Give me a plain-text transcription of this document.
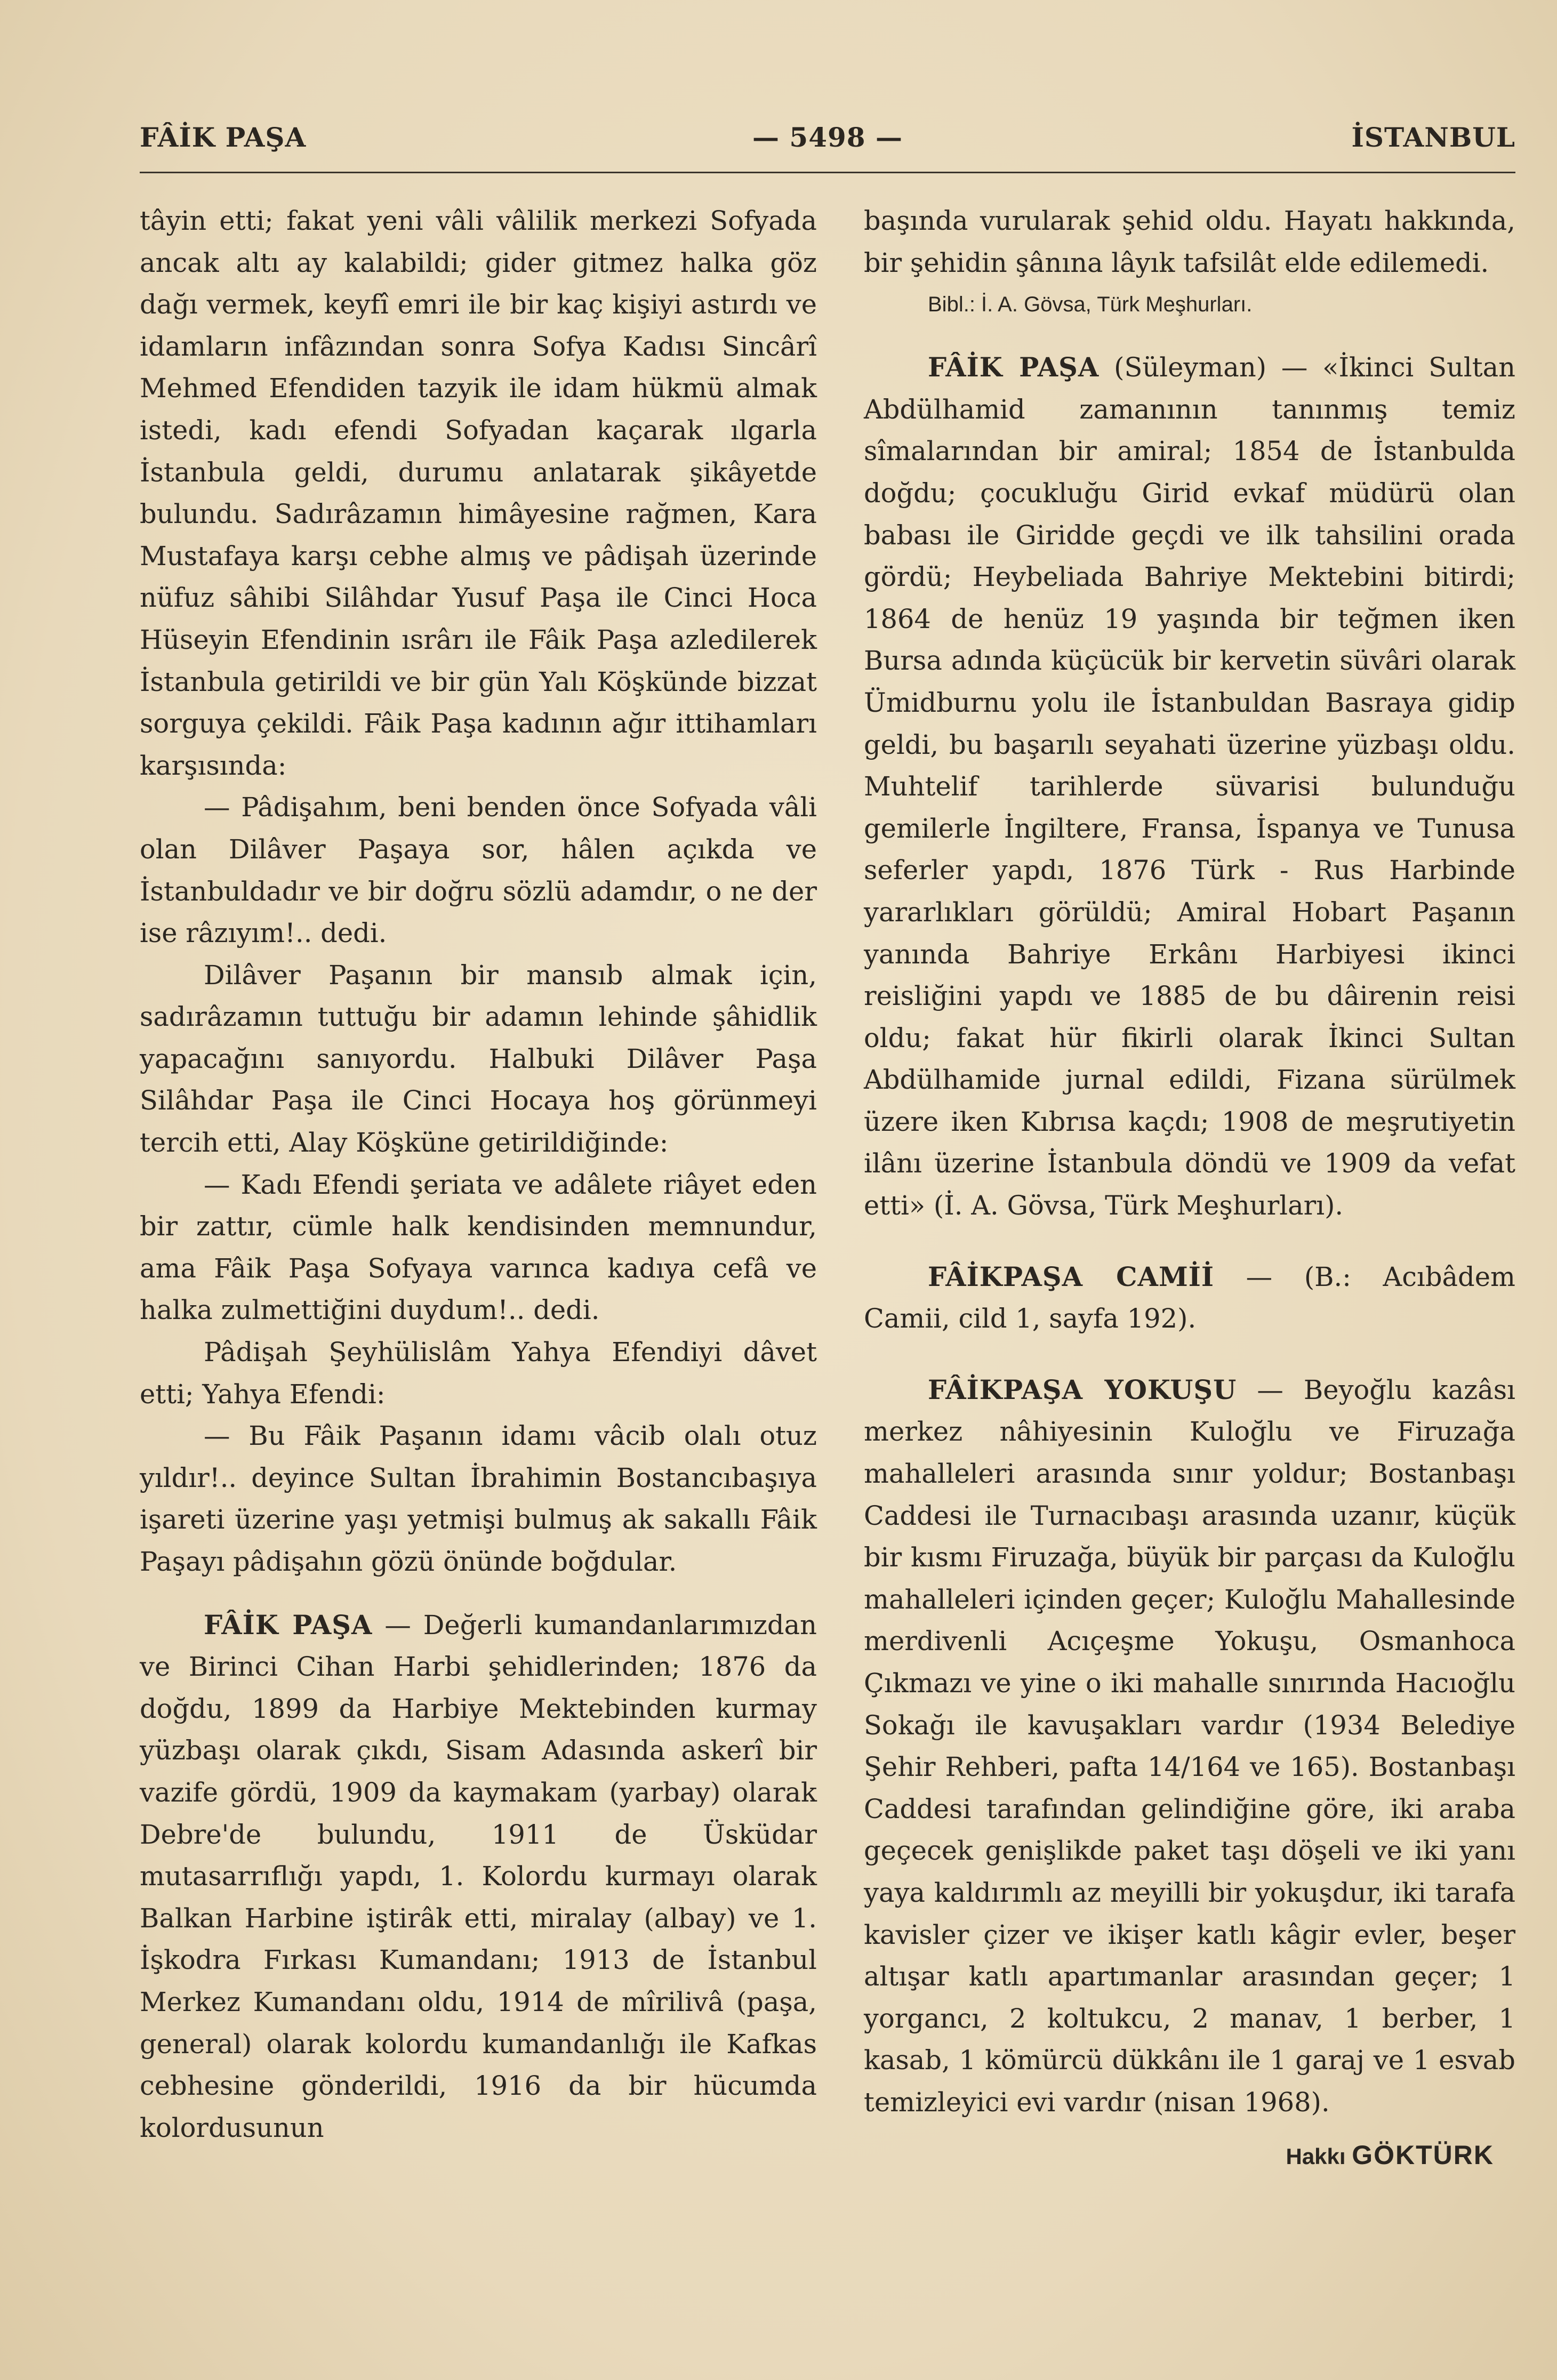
FÂİK PAŞA	— 5498 —	İSTANBUL

tâyin etti; fakat yeni vâli vâlilik merkezi Sofyada ancak altı ay kalabildi; gider gitmez halka göz dağı vermek, keyfî emri ile bir kaç kişiyi astırdı ve idamların infâzından sonra Sofya Kadısı Sincârî Mehmed Efendiden tazyik ile idam hükmü almak istedi, kadı efendi Sofyadan kaçarak ılgarla İstanbula geldi, durumu anlatarak şikâyetde bulundu. Sadırâzamın himâyesine rağmen, Kara Mustafaya karşı cebhe almış ve pâdişah üzerinde nüfuz sâhibi Silâhdar Yusuf Paşa ile Cinci Hoca Hüseyin Efendinin ısrârı ile Fâik Paşa azledilerek İstanbula getirildi ve bir gün Yalı Köşkünde bizzat sorguya çekildi. Fâik Paşa kadının ağır ittihamları karşısında:

— Pâdişahım, beni benden önce Sofyada vâli olan Dilâver Paşaya sor, hâlen açıkda ve İstanbuldadır ve bir doğru sözlü adamdır, o ne der ise râzıyım!.. dedi.

Dilâver Paşanın bir mansıb almak için, sadırâzamın tuttuğu bir adamın lehinde şâhidlik yapacağını sanıyordu. Halbuki Dilâver Paşa Silâhdar Paşa ile Cinci Hocaya hoş görünmeyi tercih etti, Alay Köşküne getirildiğinde:

— Kadı Efendi şeriata ve adâlete riâyet eden bir zattır, cümle halk kendisinden memnundur, ama Fâik Paşa Sofyaya varınca kadıya cefâ ve halka zulmettiğini duydum!.. dedi.

Pâdişah Şeyhülislâm Yahya Efendiyi dâvet etti; Yahya Efendi:

— Bu Fâik Paşanın idamı vâcib olalı otuz yıldır!.. deyince Sultan İbrahimin Bostancıbaşıya işareti üzerine yaşı yetmişi bulmuş ak sakallı Fâik Paşayı pâdişahın gözü önünde boğdular.

FÂİK PAŞA — Değerli kumandanlarımızdan ve Birinci Cihan Harbi şehidlerinden; 1876 da doğdu, 1899 da Harbiye Mektebinden kurmay yüzbaşı olarak çıkdı, Sisam Adasında askerî bir vazife gördü, 1909 da kaymakam (yarbay) olarak Debre'de bulundu, 1911 de Üsküdar mutasarrıflığı yapdı, 1. Kolordu kurmayı olarak Balkan Harbine iştirâk etti, miralay (albay) ve 1. İşkodra Fırkası Kumandanı; 1913 de İstanbul Merkez Kumandanı oldu, 1914 de mîrilivâ (paşa, general) olarak kolordu kumandanlığı ile Kafkas cebhesine gönderildi, 1916 da bir hücumda kolordusunun

başında vurularak şehid oldu. Hayatı hakkında, bir şehidin şânına lâyık tafsilât elde edilemedi.

Bibl.: İ. A. Gövsa, Türk Meşhurları.

FÂİK PAŞA (Süleyman) — «İkinci Sultan Abdülhamid zamanının tanınmış temiz sîmalarından bir amiral; 1854 de İstanbulda doğdu; çocukluğu Girid evkaf müdürü olan babası ile Giridde geçdi ve ilk tahsilini orada gördü; Heybeliada Bahriye Mektebini bitirdi; 1864 de henüz 19 yaşında bir teğmen iken Bursa adında küçücük bir kervetin süvâri olarak Ümidburnu yolu ile İstanbuldan Basraya gidip geldi, bu başarılı seyahati üzerine yüzbaşı oldu. Muhtelif tarihlerde süvarisi bulunduğu gemilerle İngiltere, Fransa, İspanya ve Tunusa seferler yapdı, 1876 Türk - Rus Harbinde yararlıkları görüldü; Amiral Hobart Paşanın yanında Bahriye Erkânı Harbiyesi ikinci reisliğini yapdı ve 1885 de bu dâirenin reisi oldu; fakat hür fikirli olarak İkinci Sultan Abdülhamide jurnal edildi, Fizana sürülmek üzere iken Kıbrısa kaçdı; 1908 de meşrutiyetin ilânı üzerine İstanbula döndü ve 1909 da vefat etti» (İ. A. Gövsa, Türk Meşhurları).

FÂİKPAŞA CAMİİ — (B.: Acıbâdem Camii, cild 1, sayfa 192).

FÂİKPAŞA YOKUŞU — Beyoğlu kazâsı merkez nâhiyesinin Kuloğlu ve Firuzağa mahalleleri arasında sınır yoldur; Bostanbaşı Caddesi ile Turnacıbaşı arasında uzanır, küçük bir kısmı Firuzağa, büyük bir parçası da Kuloğlu mahalleleri içinden geçer; Kuloğlu Mahallesinde merdivenli Acıçeşme Yokuşu, Osmanhoca Çıkmazı ve yine o iki mahalle sınırında Hacıoğlu Sokağı ile kavuşakları vardır (1934 Belediye Şehir Rehberi, pafta 14/164 ve 165). Bostanbaşı Caddesi tarafından gelindiğine göre, iki araba geçecek genişlikde paket taşı döşeli ve iki yanı yaya kaldırımlı az meyilli bir yokuşdur, iki tarafa kavisler çizer ve ikişer katlı kâgir evler, beşer altışar katlı apartımanlar arasından geçer; 1 yorgancı, 2 koltukcu, 2 manav, 1 berber, 1 kasab, 1 kömürcü dükkânı ile 1 garaj ve 1 esvab temizleyici evi vardır (nisan 1968).

Hakkı GÖKTÜRK
